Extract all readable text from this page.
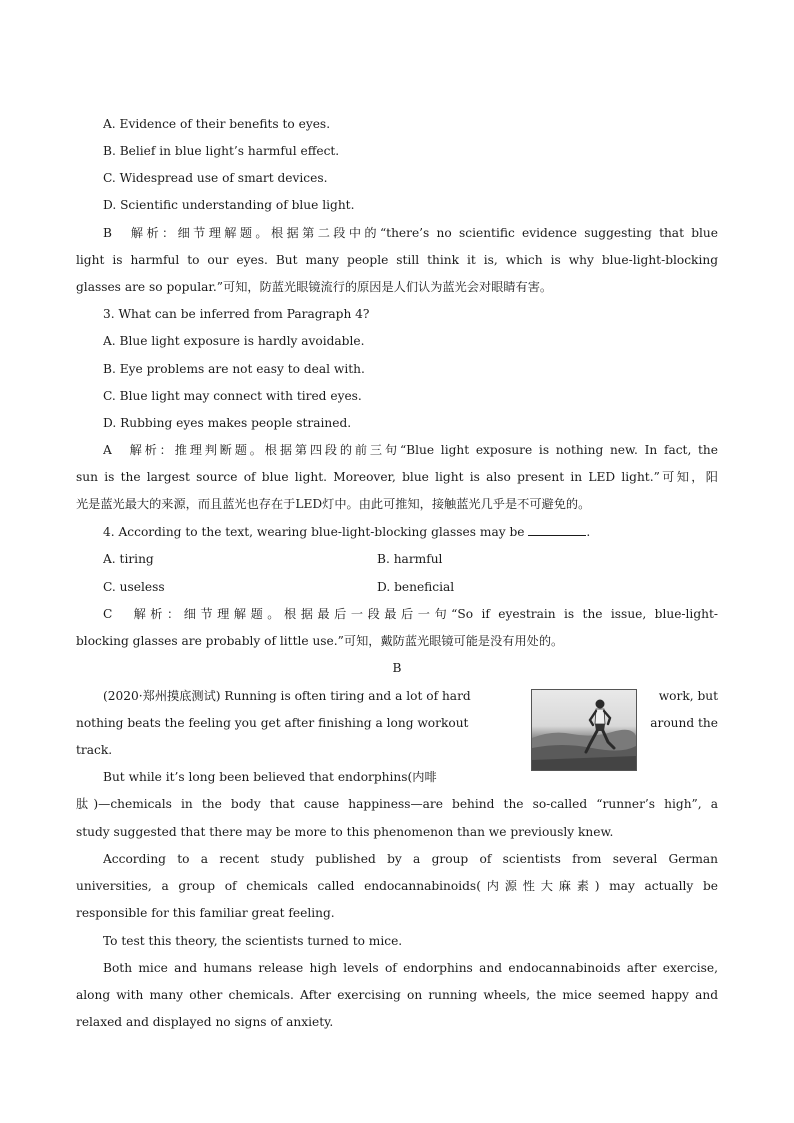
A. Evidence of their benefits to eyes.
B. Belief in blue light’s harmful effect.
C. Widespread use of smart devices.
D. Scientific understanding of blue light.
B　解析：细节理解题。根据第二段中的“there’s no scientific evidence suggesting that blue
light is harmful to our eyes. But many people still think it is, which is why blue-light-blocking
glasses are so popular.”可知，防蓝光眼镜流行的原因是人们认为蓝光会对眼睛有害。
3. What can be inferred from Paragraph 4?
A. Blue light exposure is hardly avoidable.
B. Eye problems are not easy to deal with.
C. Blue light may connect with tired eyes.
D. Rubbing eyes makes people strained.
A　解析：推理判断题。根据第四段的前三句“Blue light exposure is nothing new. In fact, the
sun is the largest source of blue light. Moreover, blue light is also present in LED light.”可知，阳
光是蓝光最大的来源，而且蓝光也存在于LED灯中。由此可推知，接触蓝光几乎是不可避免的。
4. According to the text, wearing blue-light-blocking glasses may be	.
A. tiring	B. harmful
C. useless	D. beneficial
C　解析：细节理解题。根据最后一段最后一句“So if eyestrain is the issue, blue-light-
blocking glasses are probably of little use.”可知，戴防蓝光眼镜可能是没有用处的。
B
(2020·郑州摸底测试) Running is often tiring and a lot of hard	work, but
nothing beats the feeling you get after finishing a long workout	around the
track.
But while it’s long been believed that endorphins(内啡
肽)—chemicals in the body that cause happiness—are behind the so-called “runner’s high”, a
study suggested that there may be more to this phenomenon than we previously knew.
According to a recent study published by a group of scientists from several German
universities, a group of chemicals called endocannabinoids(内源性大麻素) may actually be
responsible for this familiar great feeling.
To test this theory, the scientists turned to mice.
Both mice and humans release high levels of endorphins and endocannabinoids after exercise,
along with many other chemicals. After exercising on running wheels, the mice seemed happy and
relaxed and displayed no signs of anxiety.
